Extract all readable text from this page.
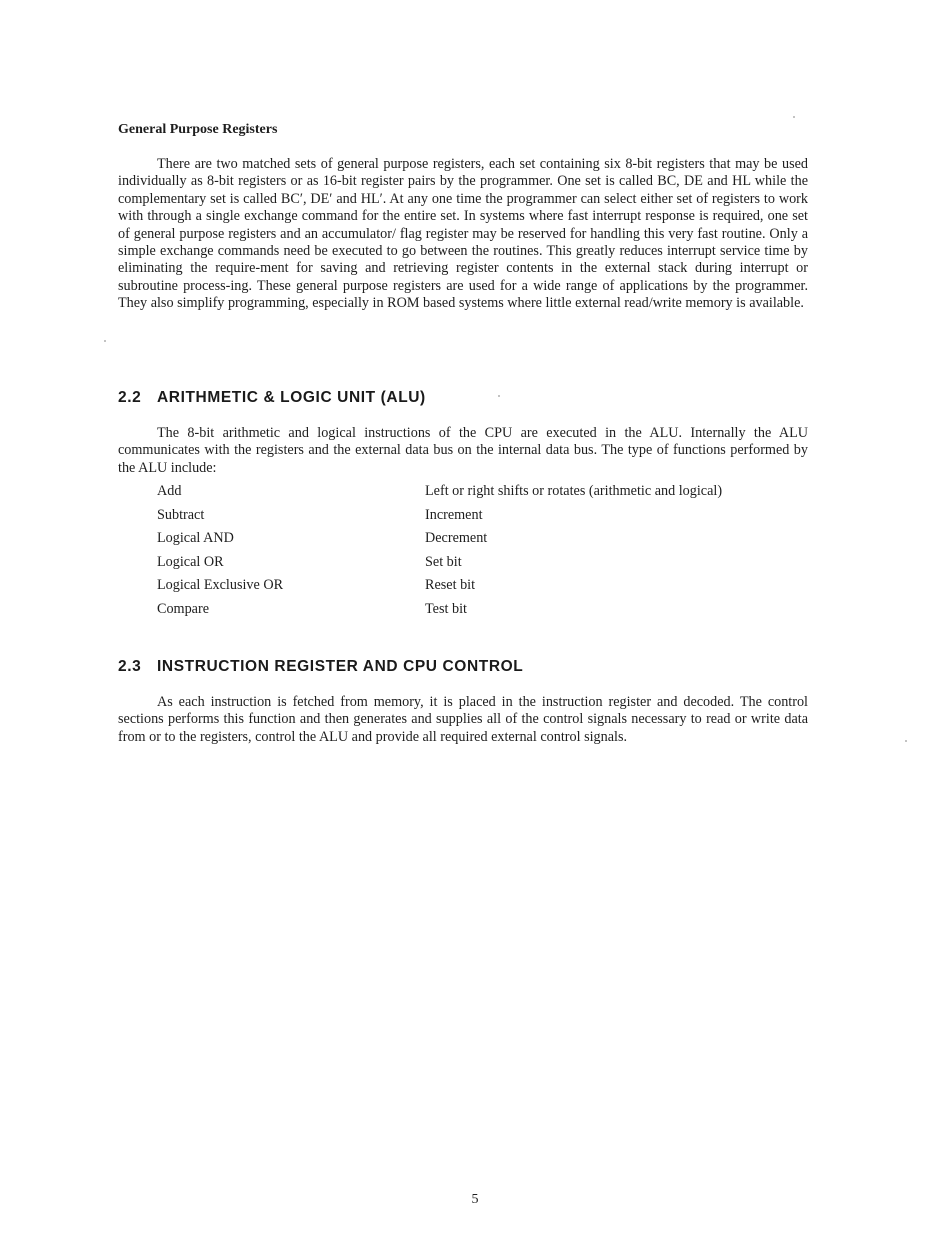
General Purpose Registers

There are two matched sets of general purpose registers, each set containing six 8-bit registers that may be used individually as 8-bit registers or as 16-bit register pairs by the programmer. One set is called BC, DE and HL while the complementary set is called BC′, DE′ and HL′. At any one time the programmer can select either set of registers to work with through a single exchange command for the entire set. In systems where fast interrupt response is required, one set of general purpose registers and an accumulator/ flag register may be reserved for handling this very fast routine. Only a simple exchange commands need be executed to go between the routines. This greatly reduces interrupt service time by eliminating the require-ment for saving and retrieving register contents in the external stack during interrupt or subroutine process-ing. These general purpose registers are used for a wide range of applications by the programmer. They also simplify programming, especially in ROM based systems where little external read/write memory is available.

2.2 ARITHMETIC & LOGIC UNIT (ALU)

The 8-bit arithmetic and logical instructions of the CPU are executed in the ALU. Internally the ALU communicates with the registers and the external data bus on the internal data bus. The type of functions performed by the ALU include:

Add
Subtract
Logical AND
Logical OR
Logical Exclusive OR
Compare
Left or right shifts or rotates (arithmetic and logical)
Increment
Decrement
Set bit
Reset bit
Test bit
2.3 INSTRUCTION REGISTER AND CPU CONTROL

As each instruction is fetched from memory, it is placed in the instruction register and decoded. The control sections performs this function and then generates and supplies all of the control signals necessary to read or write data from or to the registers, control the ALU and provide all required external control signals.

5
